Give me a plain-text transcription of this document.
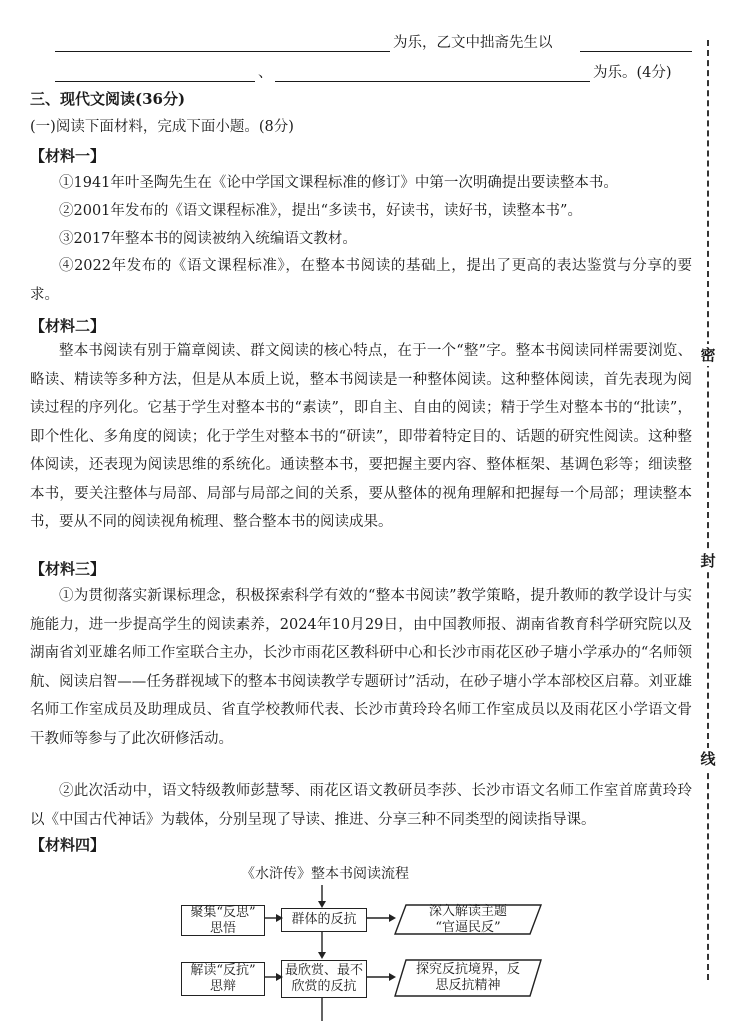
为乐，乙文中拙斋先生以
、	为乐。(4分)
三、现代文阅读(36分)
(一)阅读下面材料，完成下面小题。(8分)
【材料一】
①1941年叶圣陶先生在《论中学国文课程标准的修订》中第一次明确提出要读整本书。
②2001年发布的《语文课程标准》，提出“多读书，好读书，读好书，读整本书”。
③2017年整本书的阅读被纳入统编语文教材。
④2022年发布的《语文课程标准》，在整本书阅读的基础上，提出了更高的表达鉴赏与分享的要求。
【材料二】
整本书阅读有别于篇章阅读、群文阅读的核心特点，在于一个“整”字。整本书阅读同样需要浏览、略读、精读等多种方法，但是从本质上说，整本书阅读是一种整体阅读。这种整体阅读，首先表现为阅读过程的序列化。它基于学生对整本书的“素读”，即自主、自由的阅读；精于学生对整本书的“批读”，即个性化、多角度的阅读；化于学生对整本书的“研读”，即带着特定目的、话题的研究性阅读。这种整体阅读，还表现为阅读思维的系统化。通读整本书，要把握主要内容、整体框架、基调色彩等；细读整本书，要关注整体与局部、局部与局部之间的关系，要从整体的视角理解和把握每一个局部；理读整本书，要从不同的阅读视角梳理、整合整本书的阅读成果。
【材料三】
①为贯彻落实新课标理念，积极探索科学有效的“整本书阅读”教学策略，提升教师的教学设计与实施能力，进一步提高学生的阅读素养，2024年10月29日，由中国教师报、湖南省教育科学研究院以及湖南省刘亚雄名师工作室联合主办，长沙市雨花区教科研中心和长沙市雨花区砂子塘小学承办的“名师领航、阅读启智——任务群视域下的整本书阅读教学专题研讨”活动，在砂子塘小学本部校区启幕。刘亚雄名师工作室成员及助理成员、省直学校教师代表、长沙市黄玲玲名师工作室成员以及雨花区小学语文骨干教师等参与了此次研修活动。
②此次活动中，语文特级教师彭慧琴、雨花区语文教研员李莎、长沙市语文名师工作室首席黄玲玲以《中国古代神话》为载体，分别呈现了导读、推进、分享三种不同类型的阅读指导课。
【材料四】
《水浒传》整本书阅读流程
聚集“反思”
思悟
群体的反抗
深入解读主题
“官逼民反”
解读“反抗”
思辩
最欣赏、最不
欣赏的反抗
探究反抗境界，反
思反抗精神
密
封
线
